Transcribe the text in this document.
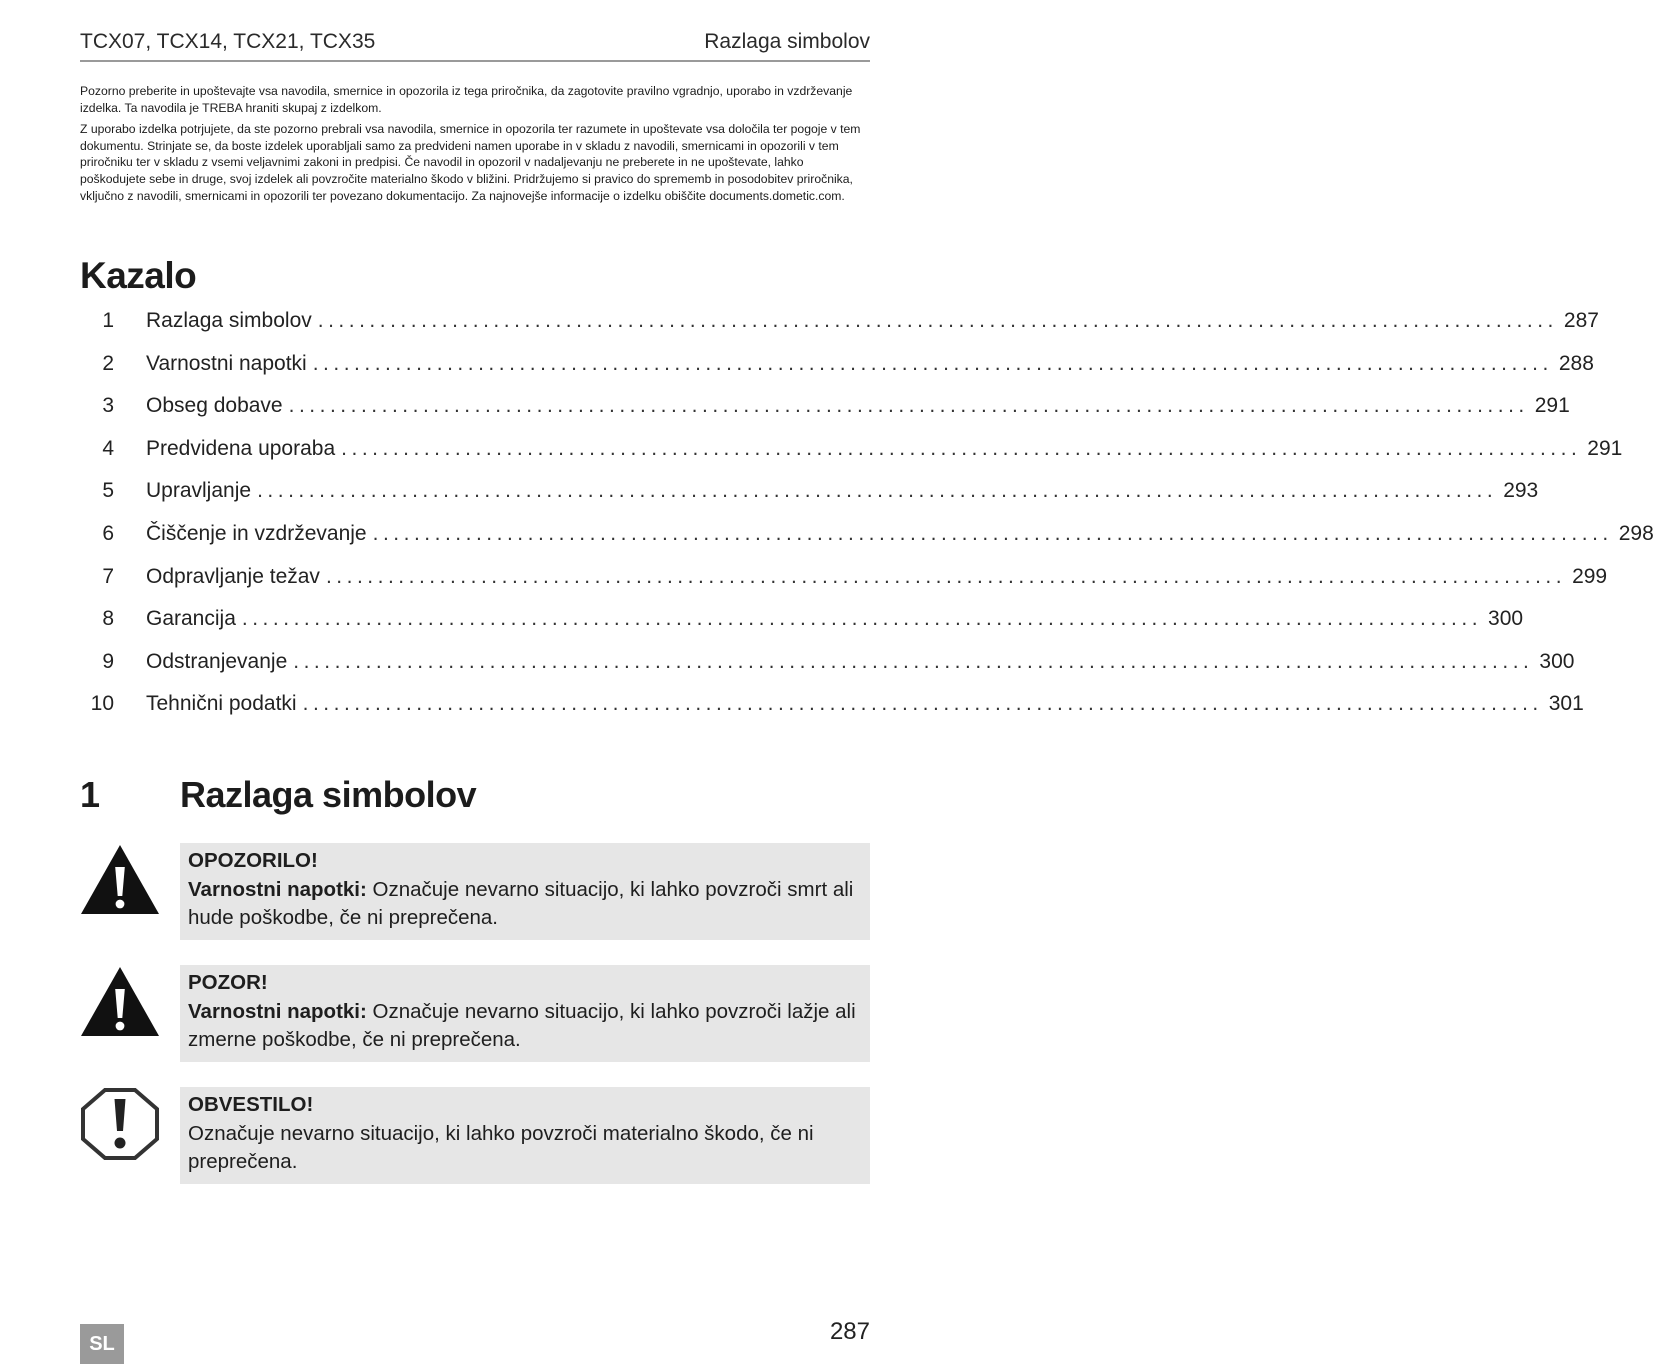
TCX07, TCX14, TCX21, TCX35	Razlaga simbolov

Pozorno preberite in upoštevajte vsa navodila, smernice in opozorila iz tega priročnika, da zagotovite pravilno vgradnjo, uporabo in vzdrževanje izdelka. Ta navodila je TREBA hraniti skupaj z izdelkom.

Z uporabo izdelka potrjujete, da ste pozorno prebrali vsa navodila, smernice in opozorila ter razumete in upoštevate vsa določila ter pogoje v tem dokumentu. Strinjate se, da boste izdelek uporabljali samo za predvideni namen uporabe in v skladu z navodili, smernicami in opozorili v tem priročniku ter v skladu z vsemi veljavnimi zakoni in predpisi. Če navodil in opozoril v nadaljevanju ne preberete in ne upoštevate, lahko poškodujete sebe in druge, svoj izdelek ali povzročite materialno škodo v bližini. Pridržujemo si pravico do sprememb in posodobitev priročnika, vključno z navodili, smernicami in opozorili ter povezano dokumentacijo. Za najnovejše informacije o izdelku obiščite documents.dometic.com.

Kazalo
1 Razlaga simbolov ........................................................................................................................ 287
2 Varnostni napotki ........................................................................................................................ 288
3 Obseg dobave ........................................................................................................................ 291
4 Predvidena uporaba ........................................................................................................................ 291
5 Upravljanje ........................................................................................................................ 293
6 Čiščenje in vzdrževanje ........................................................................................................................ 298
7 Odpravljanje težav ........................................................................................................................ 299
8 Garancija ........................................................................................................................ 300
9 Odstranjevanje ........................................................................................................................ 300
10 Tehnični podatki ........................................................................................................................ 301
1 Razlaga simbolov
OPOZORILO!
Varnostni napotki: Označuje nevarno situacijo, ki lahko povzroči smrt ali hude poškodbe, če ni preprečena.
POZOR!
Varnostni napotki: Označuje nevarno situacijo, ki lahko povzroči lažje ali zmerne poškodbe, če ni preprečena.
OBVESTILO!
Označuje nevarno situacijo, ki lahko povzroči materialno škodo, če ni preprečena.
SL	287
